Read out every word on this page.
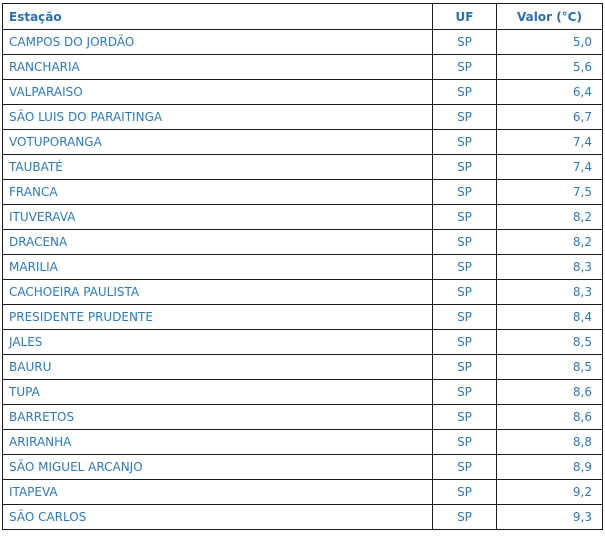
Estação	UF	Valor (°C)
CAMPOS DO JORDÃO	SP	5,0
RANCHARIA	SP	5,6
VALPARAISO	SP	6,4
SÃO LUIS DO PARAITINGA	SP	6,7
VOTUPORANGA	SP	7,4
TAUBATÉ	SP	7,4
FRANCA	SP	7,5
ITUVERAVA	SP	8,2
DRACENA	SP	8,2
MARILIA	SP	8,3
CACHOEIRA PAULISTA	SP	8,3
PRESIDENTE PRUDENTE	SP	8,4
JALES	SP	8,5
BAURU	SP	8,5
TUPA	SP	8,6
BARRETOS	SP	8,6
ARIRANHA	SP	8,8
SÃO MIGUEL ARCANJO	SP	8,9
ITAPEVA	SP	9,2
SÃO CARLOS	SP	9,3
